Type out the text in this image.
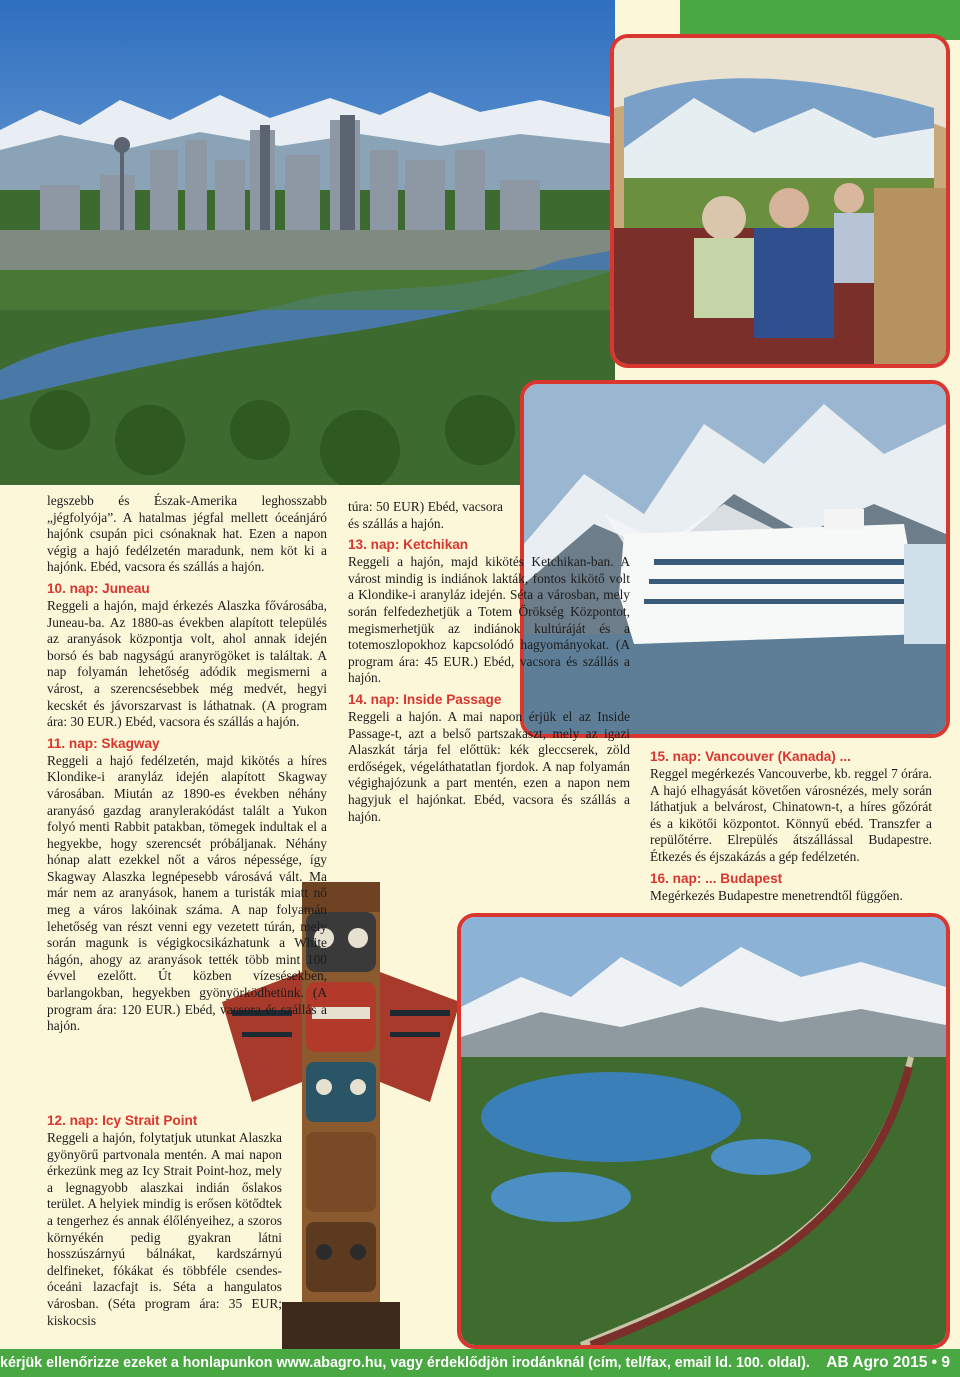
legszebb és Észak-Amerika leghosszabb „jégfolyója”. A hatalmas jégfal mellett óceánjáró hajónk csupán pici csónaknak hat. Ezen a napon végig a hajó fedélzetén maradunk, nem köt ki a hajónk. Ebéd, vacsora és szállás a hajón.

10. nap: Juneau

Reggeli a hajón, majd érkezés Alaszka fővárosába, Juneau-ba. Az 1880-as években alapított település az aranyások központja volt, ahol annak idején borsó és bab nagyságú aranyrögöket is találtak. A nap folyamán lehetőség adódik megismerni a várost, a szerencsésebbek még medvét, hegyi kecskét és jávorszarvast is láthatnak. (A program ára: 30 EUR.) Ebéd, vacsora és szállás a hajón.

11. nap: Skagway

Reggeli a hajó fedélzetén, majd kikötés a híres Klondike-i aranyláz idején alapított Skagway városában. Miután az 1890-es években néhány aranyásó gazdag aranylerakódást talált a Yukon folyó menti Rabbit patakban, tömegek indultak el a hegyekbe, hogy szerencsét próbáljanak. Néhány hónap alatt ezekkel nőt a város népessége, így Skagway Alaszka legnépesebb városává vált. Ma már nem az aranyások, hanem a turisták miatt nő meg a város lakóinak száma. A nap folyamán lehetőség van részt venni egy vezetett túrán, mely során magunk is végigkocsikázhatunk a White hágón, ahogy az aranyások tették több mint 100 évvel ezelőtt. Út közben vízesésekben, barlangokban, hegyekben gyönyörködhetünk. (A program ára: 120 EUR.) Ebéd, vacsora és szállás a hajón.

12. nap: Icy Strait Point

Reggeli a hajón, folytatjuk utunkat Alaszka gyönyörű partvonala mentén. A mai napon érkezünk meg az Icy Strait Point-hoz, mely a legnagyobb alaszkai indián őslakos terület. A helyiek mindig is erősen kötődtek a tengerhez és annak élőlényeihez, a szoros környékén pedig gyakran látni hosszúszárnyú bálnákat, kardszárnyú delfineket, fókákat és többféle csendes-óceáni lazacfajt is. Séta a hangulatos városban. (Séta program ára: 35 EUR; kiskocsis

túra: 50 EUR) Ebéd, vacsora és szállás a hajón.

13. nap: Ketchikan

Reggeli a hajón, majd kikötés Ketchikan-ban. A várost mindig is indiánok lakták, fontos kikötő volt a Klondike-i aranyláz idején. Séta a városban, mely során felfedezhetjük a Totem Örökség Központot, megismerhetjük az indiánok kultúráját és a totemoszlopokhoz kapcsolódó hagyományokat. (A program ára: 45 EUR.) Ebéd, vacsora és szállás a hajón.

14. nap: Inside Passage

Reggeli a hajón. A mai napon érjük el az Inside Passage-t, azt a belső partszakaszt, mely az igazi Alaszkát tárja fel előttük: kék gleccserek, zöld erdőségek, végeláthatatlan fjordok. A nap folyamán végighajózunk a part mentén, ezen a napon nem hagyjuk el hajónkat. Ebéd, vacsora és szállás a hajón.

15. nap: Vancouver (Kanada) ...

Reggel megérkezés Vancouverbe, kb. reggel 7 órára. A hajó elhagyását követően városnézés, mely során láthatjuk a belvárost, Chinatown-t, a híres gőzórát és a kikötői központot. Könnyű ebéd. Transzfer a repülőtérre. Elrepülés átszállással Budapestre. Étkezés és éjszakázás a gép fedélzetén.

16. nap: ... Budapest

Megérkezés Budapestre menetrendtől függően.

kérjük ellenőrizze ezeket a honlapunkon www.abagro.hu, vagy érdeklődjön irodánknál (cím, tel/fax, email ld. 100. oldal). AB Agro 2015 • 9
